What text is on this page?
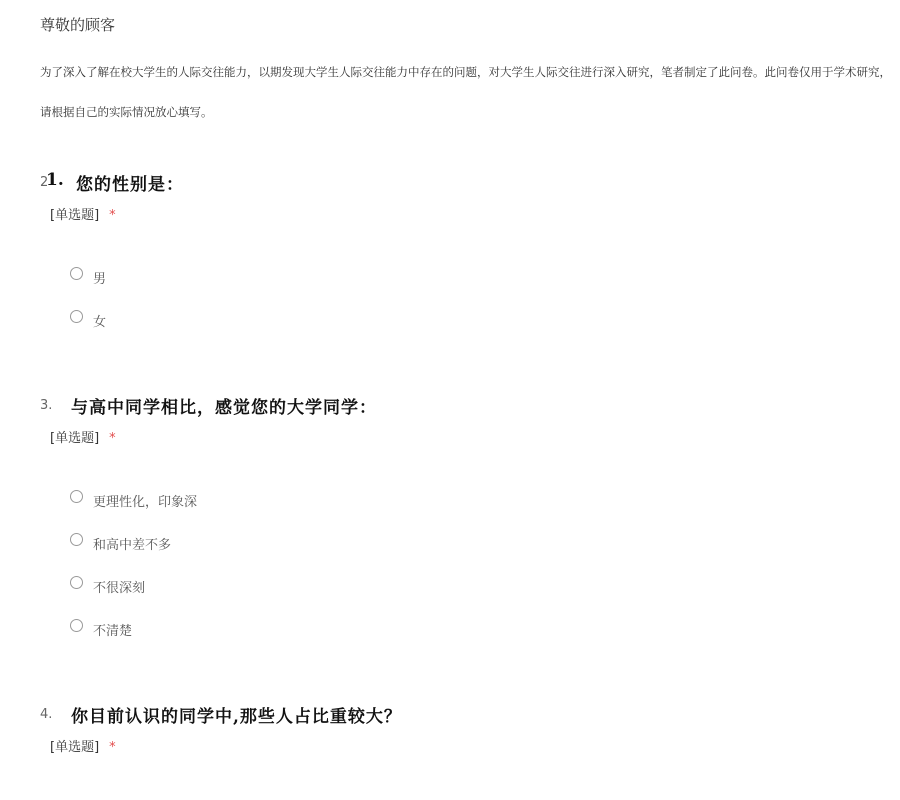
尊敬的顾客

为了深入了解在校大学生的人际交往能力，以期发现大学生人际交往能力中存在的问题，对大学生人际交往进行深入研究，笔者制定了此问卷。此问卷仅用于学术研究，请根据自己的实际情况放心填写。

2
1. 您的性别是：
[单选题] *
男
女
3. 与高中同学相比，感觉您的大学同学：
[单选题] *
更理性化，印象深
和高中差不多
不很深刻
不清楚
4. 你目前认识的同学中,那些人占比重较大？
[单选题] *
